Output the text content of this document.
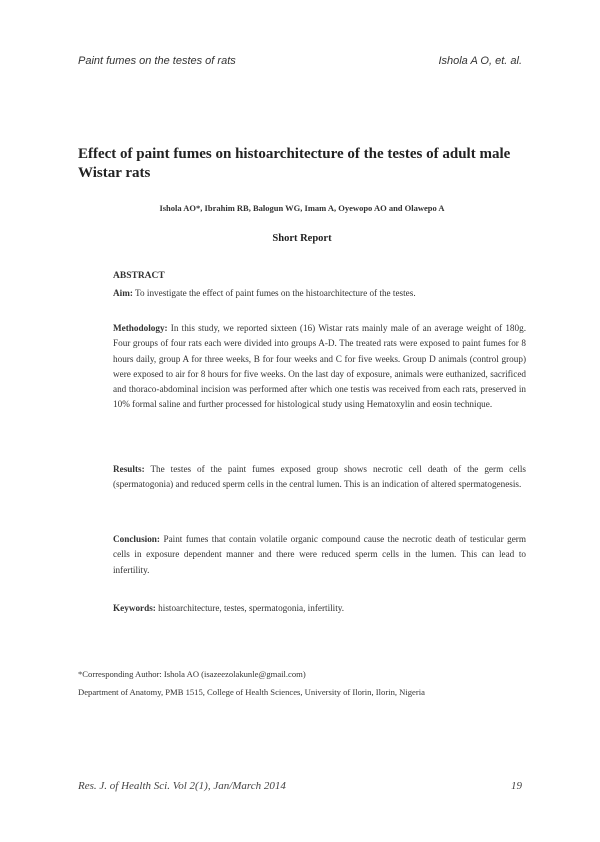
Paint fumes on the testes of rats	Ishola A O, et. al.
Effect of paint fumes on histoarchitecture of the testes of adult male Wistar rats
Ishola AO*, Ibrahim RB, Balogun WG, Imam A, Oyewopo AO and Olawepo A
Short Report
ABSTRACT
Aim: To investigate the effect of paint fumes on the histoarchitecture of the testes.
Methodology: In this study, we reported sixteen (16) Wistar rats mainly male of an average weight of 180g. Four groups of four rats each were divided into groups A-D. The treated rats were exposed to paint fumes for 8 hours daily, group A for three weeks, B for four weeks and C for five weeks. Group D animals (control group) were exposed to air for 8 hours for five weeks. On the last day of exposure, animals were euthanized, sacrificed and thoraco-abdominal incision was performed after which one testis was received from each rats, preserved in 10% formal saline and further processed for histological study using Hematoxylin and eosin technique.
Results: The testes of the paint fumes exposed group shows necrotic cell death of the germ cells (spermatogonia) and reduced sperm cells in the central lumen. This is an indication of altered spermatogenesis.
Conclusion: Paint fumes that contain volatile organic compound cause the necrotic death of testicular germ cells in exposure dependent manner and there were reduced sperm cells in the lumen. This can lead to infertility.
Keywords: histoarchitecture, testes, spermatogonia, infertility.
*Corresponding Author: Ishola AO (isazeezolakunle@gmail.com)
Department of Anatomy, PMB 1515, College of Health Sciences, University of Ilorin, Ilorin, Nigeria
Res. J. of Health Sci. Vol 2(1), Jan/March 2014	19
